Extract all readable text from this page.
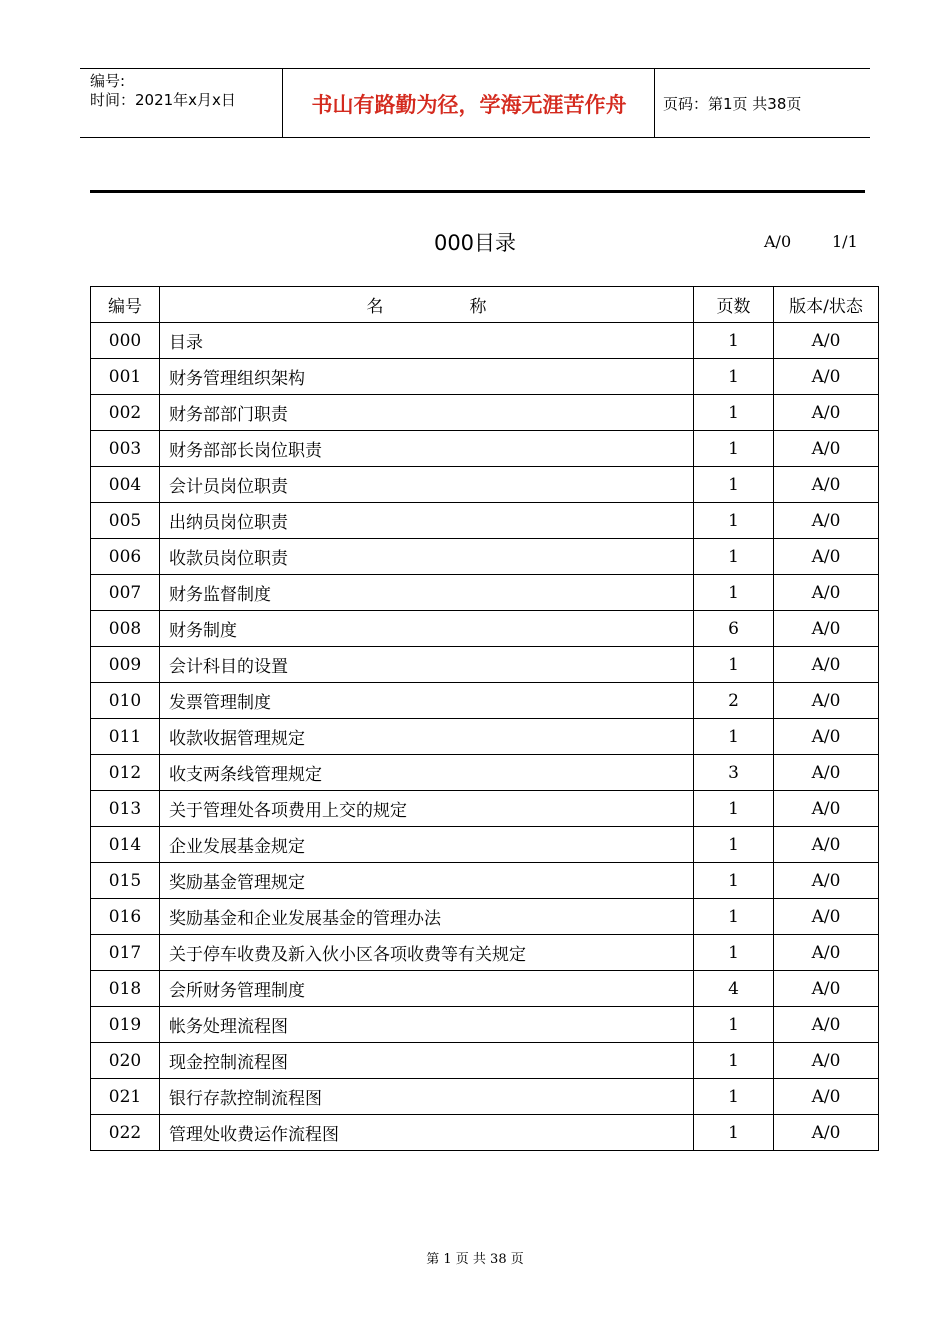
编号:
时间：2021年x月x日	书山有路勤为径，学海无涯苦作舟	页码：第1页 共38页
000目录	A/0	1/1
编号	名 称	页数	版本/状态
000	目录	1	A/0
001	财务管理组织架构	1	A/0
002	财务部部门职责	1	A/0
003	财务部部长岗位职责	1	A/0
004	会计员岗位职责	1	A/0
005	出纳员岗位职责	1	A/0
006	收款员岗位职责	1	A/0
007	财务监督制度	1	A/0
008	财务制度	6	A/0
009	会计科目的设置	1	A/0
010	发票管理制度	2	A/0
011	收款收据管理规定	1	A/0
012	收支两条线管理规定	3	A/0
013	关于管理处各项费用上交的规定	1	A/0
014	企业发展基金规定	1	A/0
015	奖励基金管理规定	1	A/0
016	奖励基金和企业发展基金的管理办法	1	A/0
017	关于停车收费及新入伙小区各项收费等有关规定	1	A/0
018	会所财务管理制度	4	A/0
019	帐务处理流程图	1	A/0
020	现金控制流程图	1	A/0
021	银行存款控制流程图	1	A/0
022	管理处收费运作流程图	1	A/0
第 1 页 共 38 页
